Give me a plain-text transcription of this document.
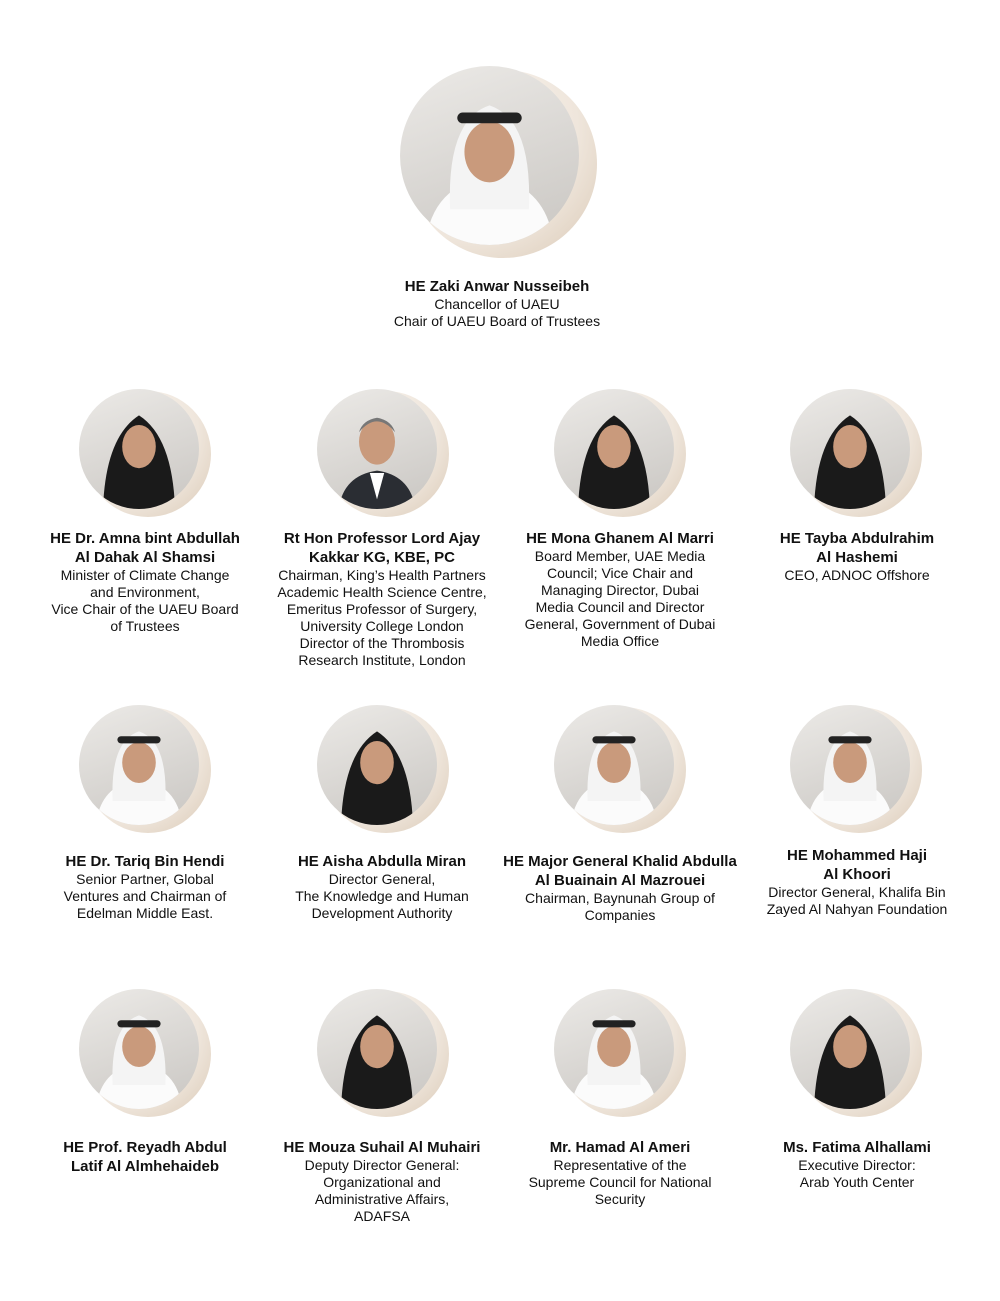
HE Zaki Anwar Nusseibeh
Chancellor of UAEU
Chair of UAEU Board of Trustees
HE Dr. Amna bint Abdullah
Al Dahak Al Shamsi
Minister of Climate Change
and Environment,
Vice Chair of the UAEU Board
of Trustees
Rt Hon Professor Lord Ajay
Kakkar KG, KBE, PC
Chairman, King’s Health Partners
Academic Health Science Centre,
Emeritus Professor of Surgery,
University College London
Director of the Thrombosis
Research Institute, London
HE Mona Ghanem Al Marri
Board Member, UAE Media
Council; Vice Chair and
Managing Director, Dubai
Media Council and Director
General, Government of Dubai
Media Office
HE Tayba Abdulrahim
Al Hashemi
CEO, ADNOC Offshore
HE Dr. Tariq Bin Hendi
Senior Partner, Global
Ventures and Chairman of
Edelman Middle East.
HE Aisha Abdulla Miran
Director General,
The Knowledge and Human
Development Authority
HE Major General Khalid Abdulla
Al Buainain Al Mazrouei
Chairman, Baynunah Group of
Companies
HE Mohammed Haji
Al Khoori
Director General, Khalifa Bin
Zayed Al Nahyan Foundation
HE Prof. Reyadh Abdul
Latif Al Almhehaideb
HE Mouza Suhail Al Muhairi
Deputy Director General:
Organizational and
Administrative Affairs,
ADAFSA
Mr. Hamad Al Ameri
Representative of the
Supreme Council for National
Security
Ms. Fatima Alhallami
Executive Director:
Arab Youth Center
